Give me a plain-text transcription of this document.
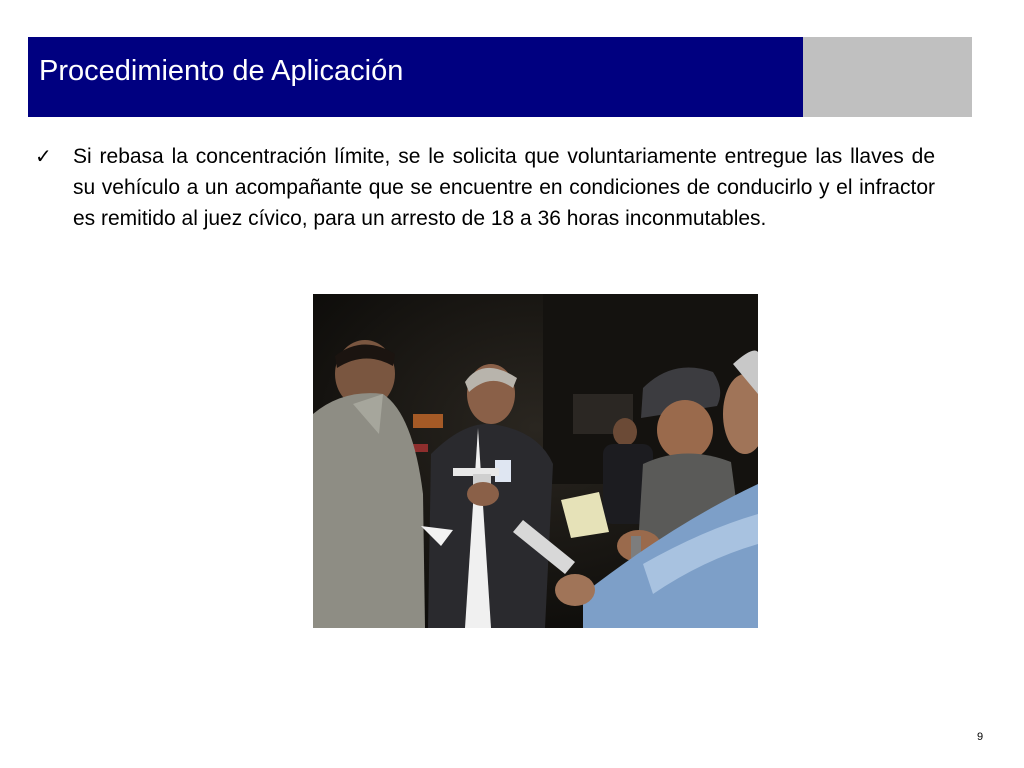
Procedimiento de Aplicación
✓ Si rebasa la concentración límite, se le solicita que voluntariamente entregue las llaves de su vehículo a un acompañante que se encuentre en condiciones de conducirlo y el infractor es remitido al juez cívico, para un arresto de 18 a 36 horas inconmutables.

9
